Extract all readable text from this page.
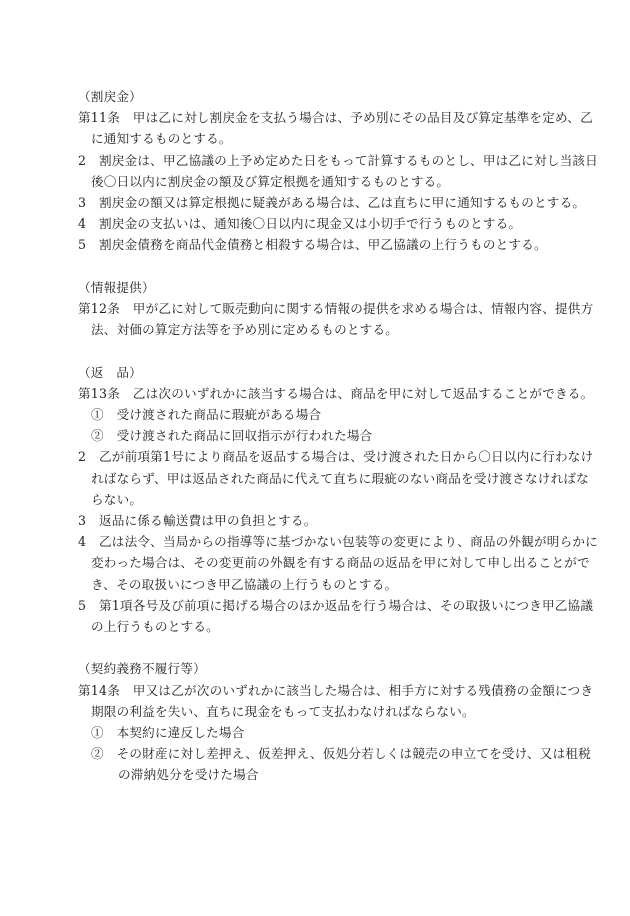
（割戻金）

第11条　甲は乙に対し割戻金を支払う場合は、予め別にその品目及び算定基準を定め、乙

に通知するものとする。

2　割戻金は、甲乙協議の上予め定めた日をもって計算するものとし、甲は乙に対し当該日

後〇日以内に割戻金の額及び算定根拠を通知するものとする。

3　割戻金の額又は算定根拠に疑義がある場合は、乙は直ちに甲に通知するものとする。

4　割戻金の支払いは、通知後〇日以内に現金又は小切手で行うものとする。

5　割戻金債務を商品代金債務と相殺する場合は、甲乙協議の上行うものとする。

（情報提供）

第12条　甲が乙に対して販売動向に関する情報の提供を求める場合は、情報内容、提供方

法、対価の算定方法等を予め別に定めるものとする。

（返　品）

第13条　乙は次のいずれかに該当する場合は、商品を甲に対して返品することができる。

①　受け渡された商品に瑕疵がある場合

②　受け渡された商品に回収指示が行われた場合

2　乙が前項第1号により商品を返品する場合は、受け渡された日から〇日以内に行わなけ

ればならず、甲は返品された商品に代えて直ちに瑕疵のない商品を受け渡さなければな

らない。

3　返品に係る輸送費は甲の負担とする。

4　乙は法令、当局からの指導等に基づかない包装等の変更により、商品の外観が明らかに

変わった場合は、その変更前の外観を有する商品の返品を甲に対して申し出ることがで

き、その取扱いにつき甲乙協議の上行うものとする。

5　第1項各号及び前項に掲げる場合のほか返品を行う場合は、その取扱いにつき甲乙協議

の上行うものとする。

（契約義務不履行等）

第14条　甲又は乙が次のいずれかに該当した場合は、相手方に対する残債務の金額につき

期限の利益を失い、直ちに現金をもって支払わなければならない。

①　本契約に違反した場合

②　その財産に対し差押え、仮差押え、仮処分若しくは競売の申立てを受け、又は租税

の滞納処分を受けた場合
